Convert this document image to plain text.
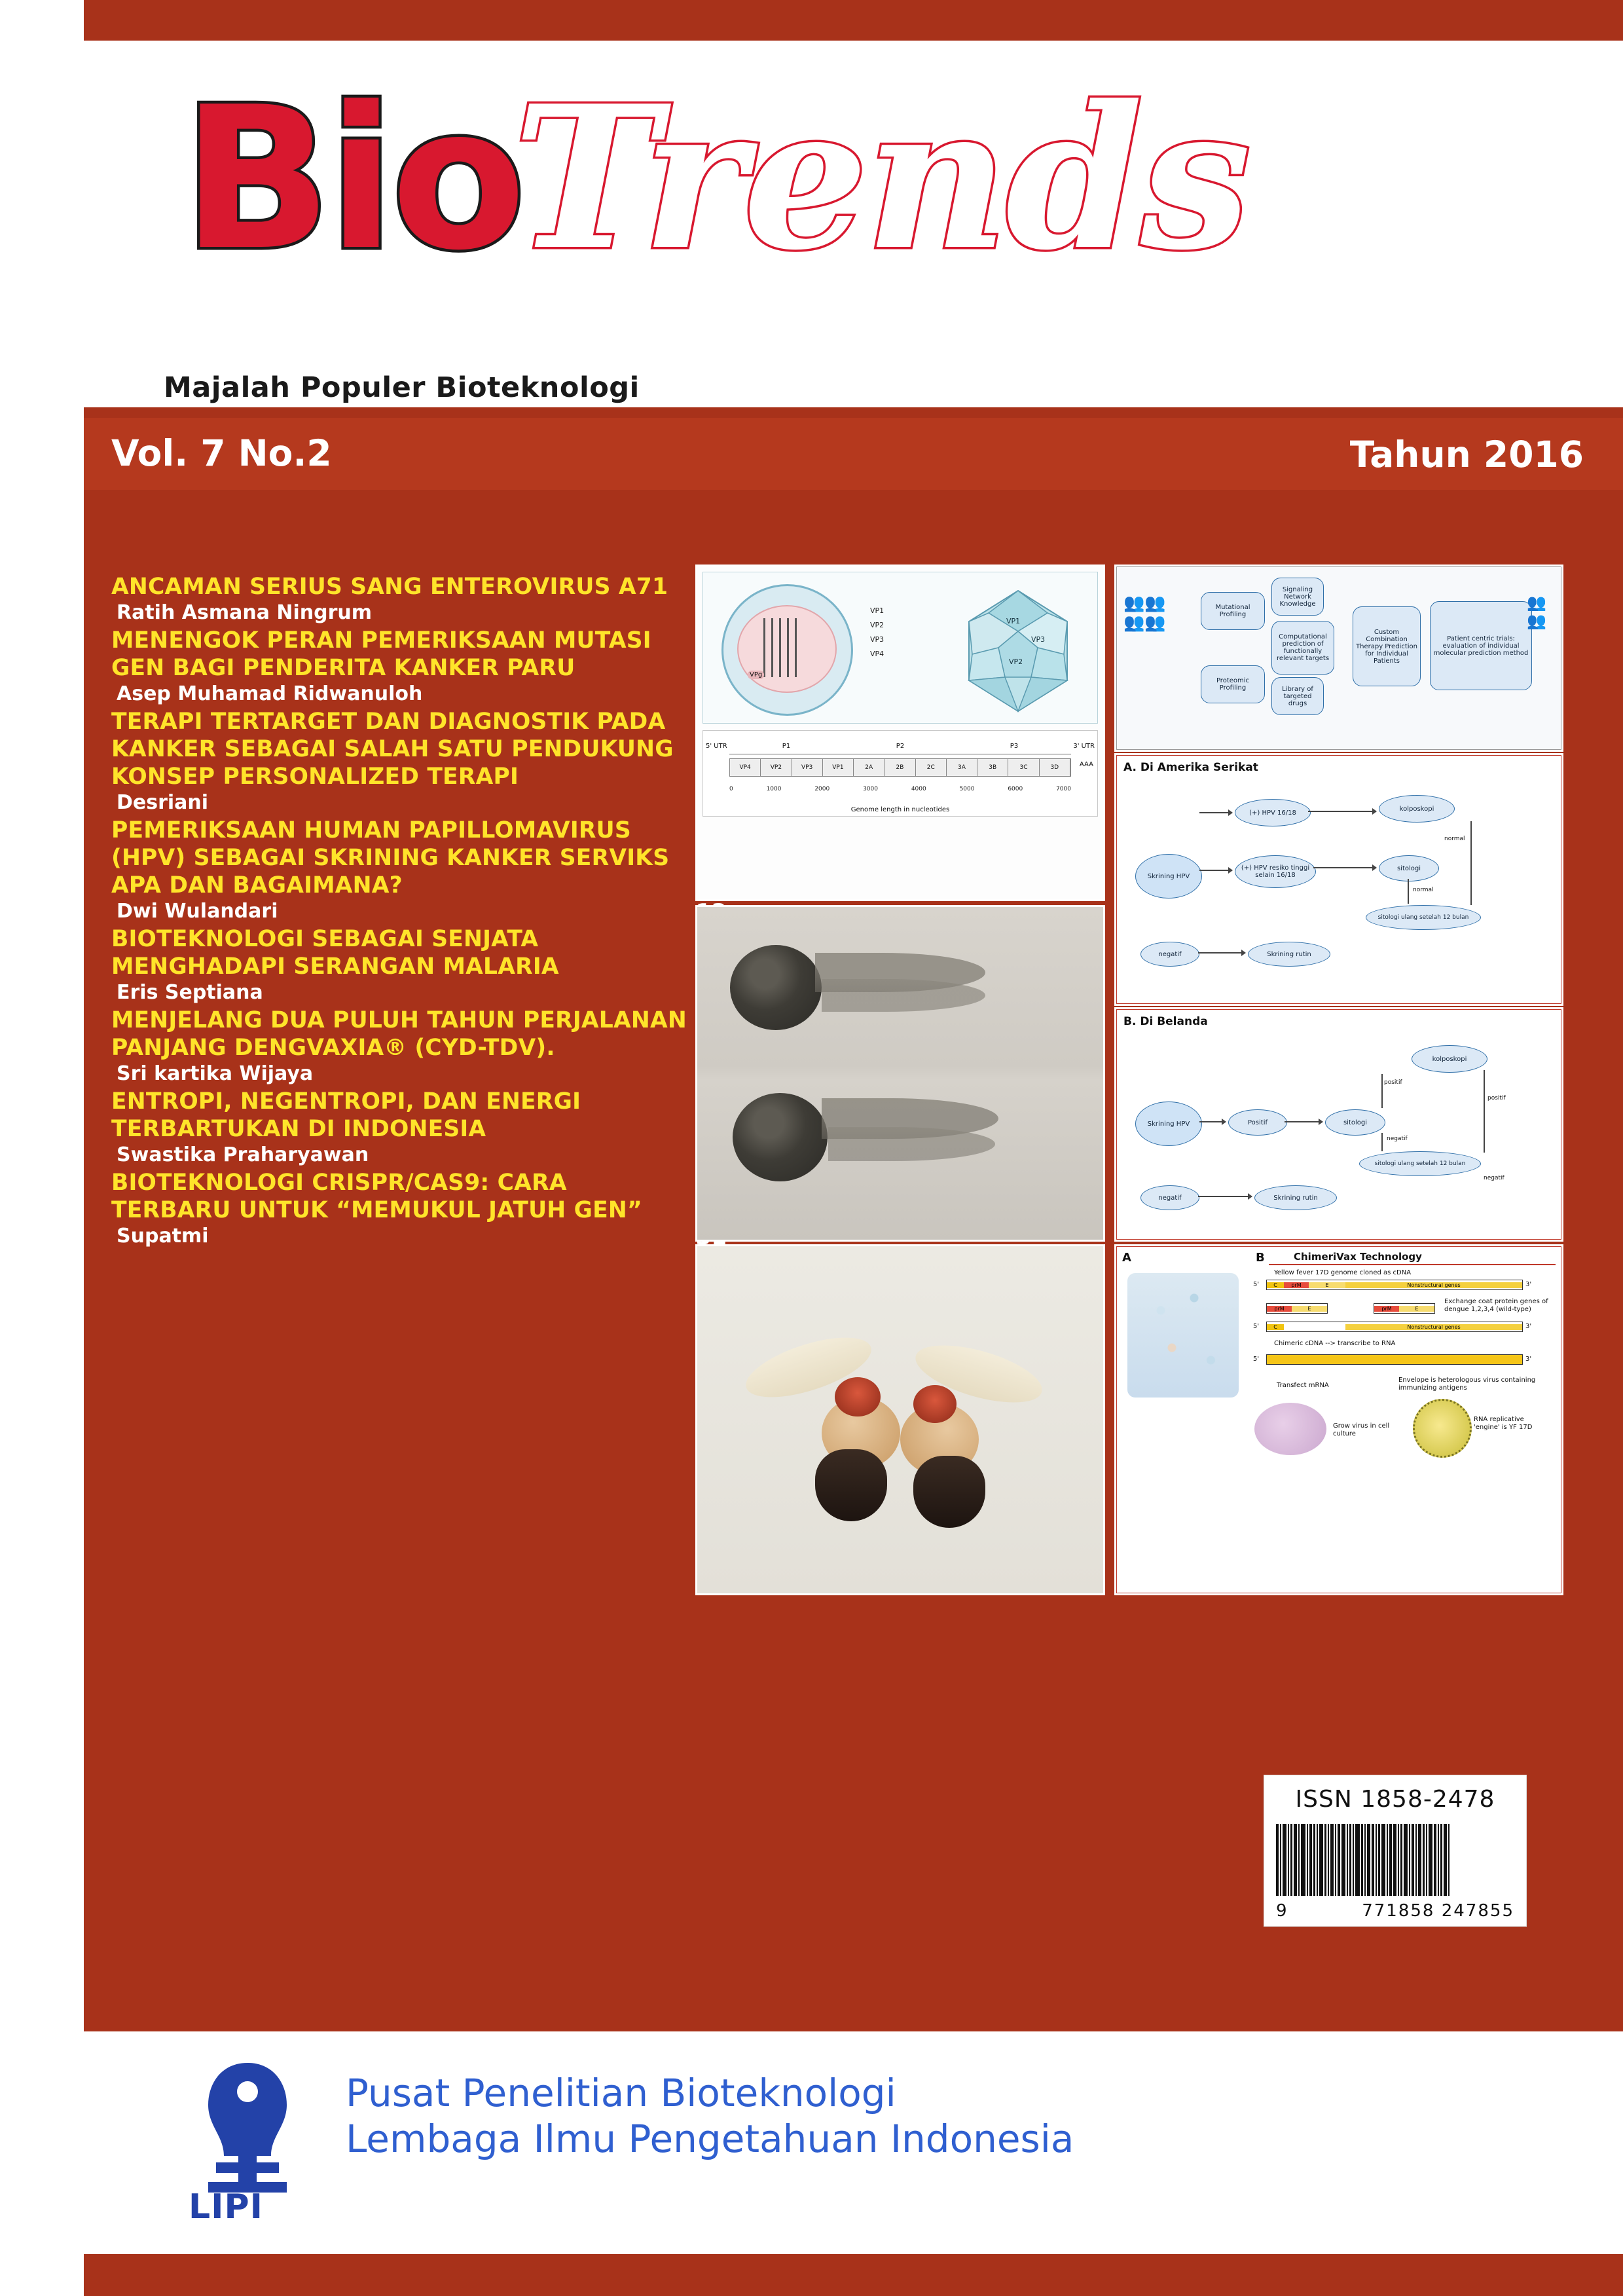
BioTrends
Majalah Populer Bioteknologi
Vol. 7 No.2	Tahun 2016
ANCAMAN SERIUS SANG ENTEROVIRUS A71
Ratih Asmana Ningrum
MENENGOK PERAN PEMERIKSAAN MUTASI GEN BAGI PENDERITA KANKER PARU
Asep Muhamad Ridwanuloh
TERAPI TERTARGET DAN DIAGNOSTIK PADA KANKER SEBAGAI SALAH SATU PENDUKUNG KONSEP PERSONALIZED TERAPI
Desriani
PEMERIKSAAN HUMAN PAPILLOMAVIRUS (HPV) SEBAGAI SKRINING KANKER SERVIKS APA DAN BAGAIMANA?
Dwi Wulandari
BIOTEKNOLOGI SEBAGAI SENJATA MENGHADAPI SERANGAN MALARIA
Eris Septiana
MENJELANG DUA PULUH TAHUN PERJALANAN PANJANG DENGVAXIA® (CYD-TDV).
Sri kartika Wijaya
ENTROPI, NEGENTROPI, DAN ENERGI TERBARTUKAN DI INDONESIA
Swastika Praharyawan
BIOTEKNOLOGI CRISPR/CAS9: CARA TERBARU UNTUK “MEMUKUL JATUH GEN”
Supatmi
VPg
VP1
VP3
VP2
VP1
VP2
VP3
VP4
5' UTR	3' UTR
P1	P2	P3
VP4	VP2	VP3	VP1	2A	2B	2C	3A	3B	3C	3D	AAA
0	1000	2000	3000	4000	5000	6000	7000
Genome length in nucleotides
👥👥
👥👥
Mutational Profiling
Proteomic Profiling
Signaling Network Knowledge
Library of targeted drugs
Computational prediction of functionally relevant targets
Custom Combination Therapy Prediction for Individual Patients
Patient centric trials: evaluation of individual molecular prediction method
👥
👥
A. Di Amerika Serikat
Skrining HPV
(+) HPV 16/18
(+) HPV resiko tinggi selain 16/18
negatif
kolposkopi
sitologi
sitologi ulang setelah 12 bulan
Skrining rutin
normal
normal
B. Di Belanda
Skrining HPV	Positif
negatif
sitologi
kolposkopi
sitologi ulang setelah 12 bulan
Skrining rutin
positif
positif
negatif
negatif
A	B	ChimeriVax Technology
Yellow fever 17D genome cloned as cDNA
5'	C	prM	E	Nonstructural genes	3'
prM	E	prM	E
Exchange coat protein genes of dengue 1,2,3,4 (wild-type)
5'	C	Nonstructural genes	3'
Chimeric cDNA --> transcribe to RNA
5'	3'
Transfect mRNA
Grow virus in cell culture
Envelope is heterologous virus containing immunizing antigens
RNA replicative 'engine' is YF 17D
ISSN 1858-2478
9	771858 247855
LIPI
Pusat Penelitian Bioteknologi
Lembaga Ilmu Pengetahuan Indonesia
